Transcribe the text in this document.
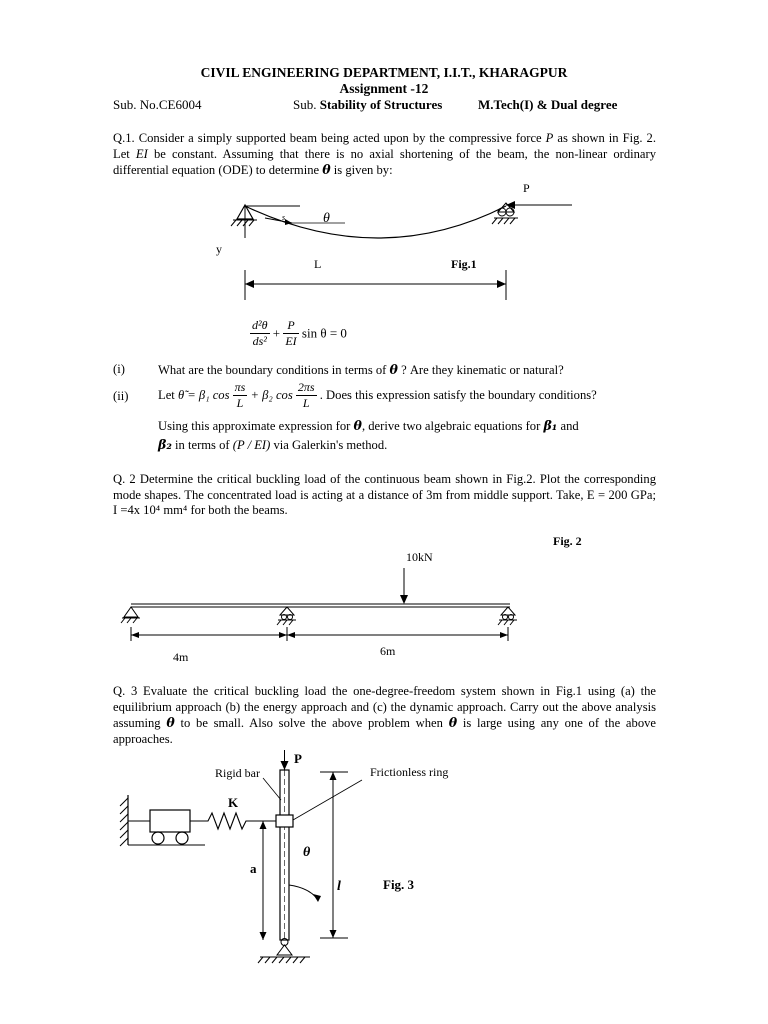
CIVIL ENGINEERING DEPARTMENT, I.I.T., KHARAGPUR
Assignment -12
Sub. No.CE6004	Sub. Stability of Structures	M.Tech(I) & Dual degree
Q.1. Consider a simply supported beam being acted upon by the compressive force P as shown in Fig. 2. Let EI be constant. Assuming that there is no axial shortening of the beam, the non-linear ordinary differential equation (ODE) to determine θ is given by:
P
y
L	Fig.1
θ
s
Fig. 2
10kN
4m	6m
P
Rigid bar	Frictionless ring
K
a
l
θ
Fig. 3
$\frac{\text{d²θ}}{\text{ds²}} + \frac{P}{EI}$ sin θ = 0
(i)	What are the boundary conditions in terms of θ ? Are they kinematic or natural?
(ii) Let θ̃ = β₁ $\cos \frac{\pi s}{L} + \beta_2$ $\cos \frac{2\pi s}{L}$ . Does this expression satisfy the boundary conditions?
Using this approximate expression for θ, derive two algebraic equations for β₁ and
β₂ in terms of (P / EI) via Galerkin's method.
Q. 2 Determine the critical buckling load of the continuous beam shown in Fig.2. Plot the corresponding mode shapes. The concentrated load is acting at a distance of 3m from middle support. Take, E = 200 GPa; I =4x 10⁴ mm⁴ for both the beams.
Q. 3 Evaluate the critical buckling load the one-degree-freedom system shown in Fig.1 using (a) the equilibrium approach (b) the energy approach and (c) the dynamic approach. Carry out the above analysis assuming θ to be small. Also solve the above problem when θ is large using any one of the above approaches.
